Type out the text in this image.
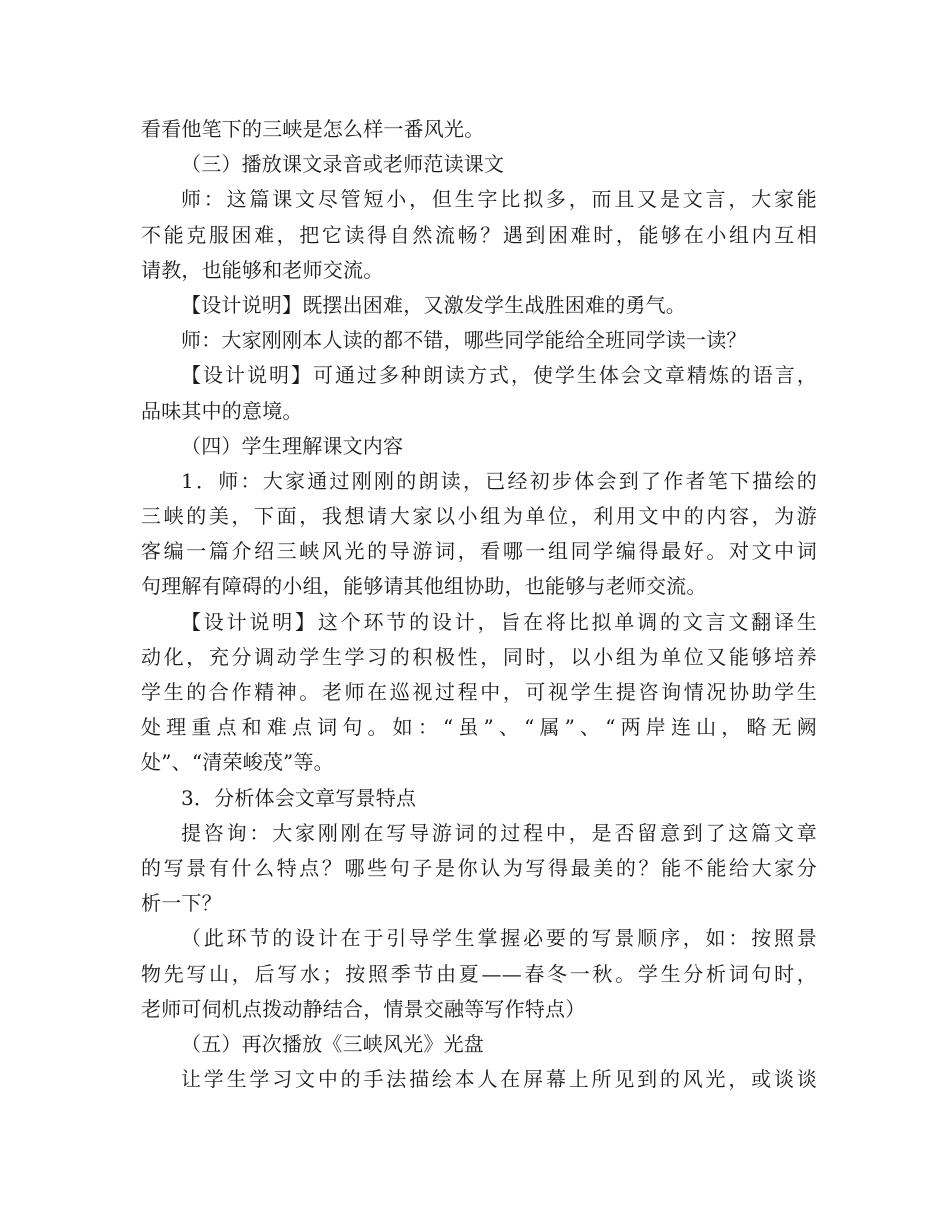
看看他笔下的三峡是怎么样一番风光。
（三）播放课文录音或老师范读课文
师：这篇课文尽管短小，但生字比拟多，而且又是文言，大家能
不能克服困难，把它读得自然流畅？遇到困难时，能够在小组内互相
请教，也能够和老师交流。
【设计说明】既摆出困难，又激发学生战胜困难的勇气。
师：大家刚刚本人读的都不错，哪些同学能给全班同学读一读？
【设计说明】可通过多种朗读方式，使学生体会文章精炼的语言，
品味其中的意境。
（四）学生理解课文内容
1．师：大家通过刚刚的朗读，已经初步体会到了作者笔下描绘的
三峡的美，下面，我想请大家以小组为单位，利用文中的内容，为游
客编一篇介绍三峡风光的导游词，看哪一组同学编得最好。对文中词
句理解有障碍的小组，能够请其他组协助，也能够与老师交流。
【设计说明】这个环节的设计，旨在将比拟单调的文言文翻译生
动化，充分调动学生学习的积极性，同时，以小组为单位又能够培养
学生的合作精神。老师在巡视过程中，可视学生提咨询情况协助学生
处理重点和难点词句。如：“虽”、“属”、“两岸连山，略无阙
处”、“清荣峻茂”等。
3．分析体会文章写景特点
提咨询：大家刚刚在写导游词的过程中，是否留意到了这篇文章
的写景有什么特点？哪些句子是你认为写得最美的？能不能给大家分
析一下？
（此环节的设计在于引导学生掌握必要的写景顺序，如：按照景
物先写山，后写水；按照季节由夏——春冬一秋。学生分析词句时，
老师可伺机点拨动静结合，情景交融等写作特点）
（五）再次播放《三峡风光》光盘
让学生学习文中的手法描绘本人在屏幕上所见到的风光，或谈谈
